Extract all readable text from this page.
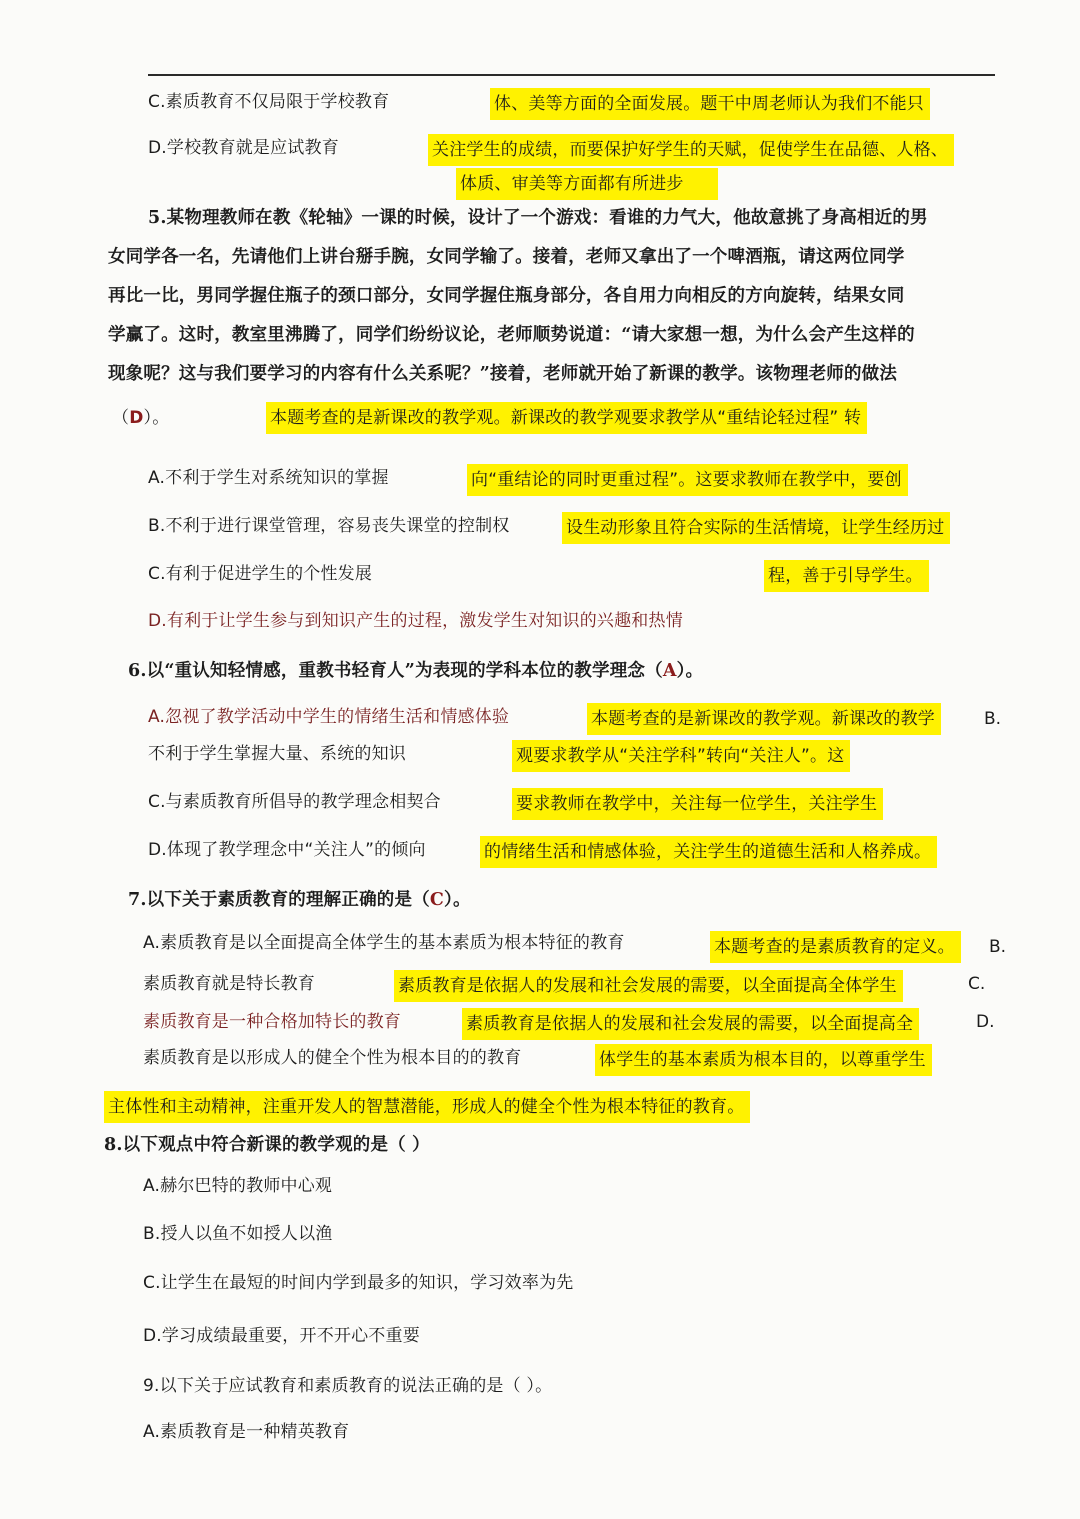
C.素质教育不仅局限于学校教育
D.学校教育就是应试教育
体、美等方面的全面发展。题干中周老师认为我们不能只
关注学生的成绩，而要保护好学生的天赋，促使学生在品德、人格、
体质、审美等方面都有所进步
5.某物理教师在教《轮轴》一课的时候，设计了一个游戏：看谁的力气大，他故意挑了身高相近的男
女同学各一名，先请他们上讲台掰手腕，女同学输了。接着，老师又拿出了一个啤酒瓶，请这两位同学
再比一比，男同学握住瓶子的颈口部分，女同学握住瓶身部分，各自用力向相反的方向旋转，结果女同
学赢了。这时，教室里沸腾了，同学们纷纷议论，老师顺势说道：“请大家想一想，为什么会产生这样的
现象呢？这与我们要学习的内容有什么关系呢？”接着，老师就开始了新课的教学。该物理老师的做法
（D）。	本题考查的是新课改的教学观。新课改的教学观要求教学从“重结论轻过程” 转
A.不利于学生对系统知识的掌握
B.不利于进行课堂管理，容易丧失课堂的控制权
C.有利于促进学生的个性发展
D.有利于让学生参与到知识产生的过程，激发学生对知识的兴趣和热情
向“重结论的同时更重过程”。这要求教师在教学中，要创
设生动形象且符合实际的生活情境，让学生经历过
程，善于引导学生。
6.以“重认知轻情感，重教书轻育人”为表现的学科本位的教学理念（A）。
A.忽视了教学活动中学生的情绪生活和情感体验
不利于学生掌握大量、系统的知识
C.与素质教育所倡导的教学理念相契合
D.体现了教学理念中“关注人”的倾向
本题考查的是新课改的教学观。新课改的教学	B.
观要求教学从“关注学科”转向“关注人”。这
要求教师在教学中，关注每一位学生，关注学生
的情绪生活和情感体验，关注学生的道德生活和人格养成。
7.以下关于素质教育的理解正确的是（C）。
A.素质教育是以全面提高全体学生的基本素质为根本特征的教育
素质教育就是特长教育
素质教育是一种合格加特长的教育
素质教育是以形成人的健全个性为根本目的的教育
本题考查的是素质教育的定义。	B.
素质教育是依据人的发展和社会发展的需要，以全面提高全体学生	C.
素质教育是依据人的发展和社会发展的需要，以全面提高全	D.
体学生的基本素质为根本目的，以尊重学生
主体性和主动精神，注重开发人的智慧潜能，形成人的健全个性为根本特征的教育。
8.以下观点中符合新课的教学观的是（ ）
A.赫尔巴特的教师中心观
B.授人以鱼不如授人以渔
C.让学生在最短的时间内学到最多的知识，学习效率为先
D.学习成绩最重要，开不开心不重要
9.以下关于应试教育和素质教育的说法正确的是（ ）。
A.素质教育是一种精英教育
